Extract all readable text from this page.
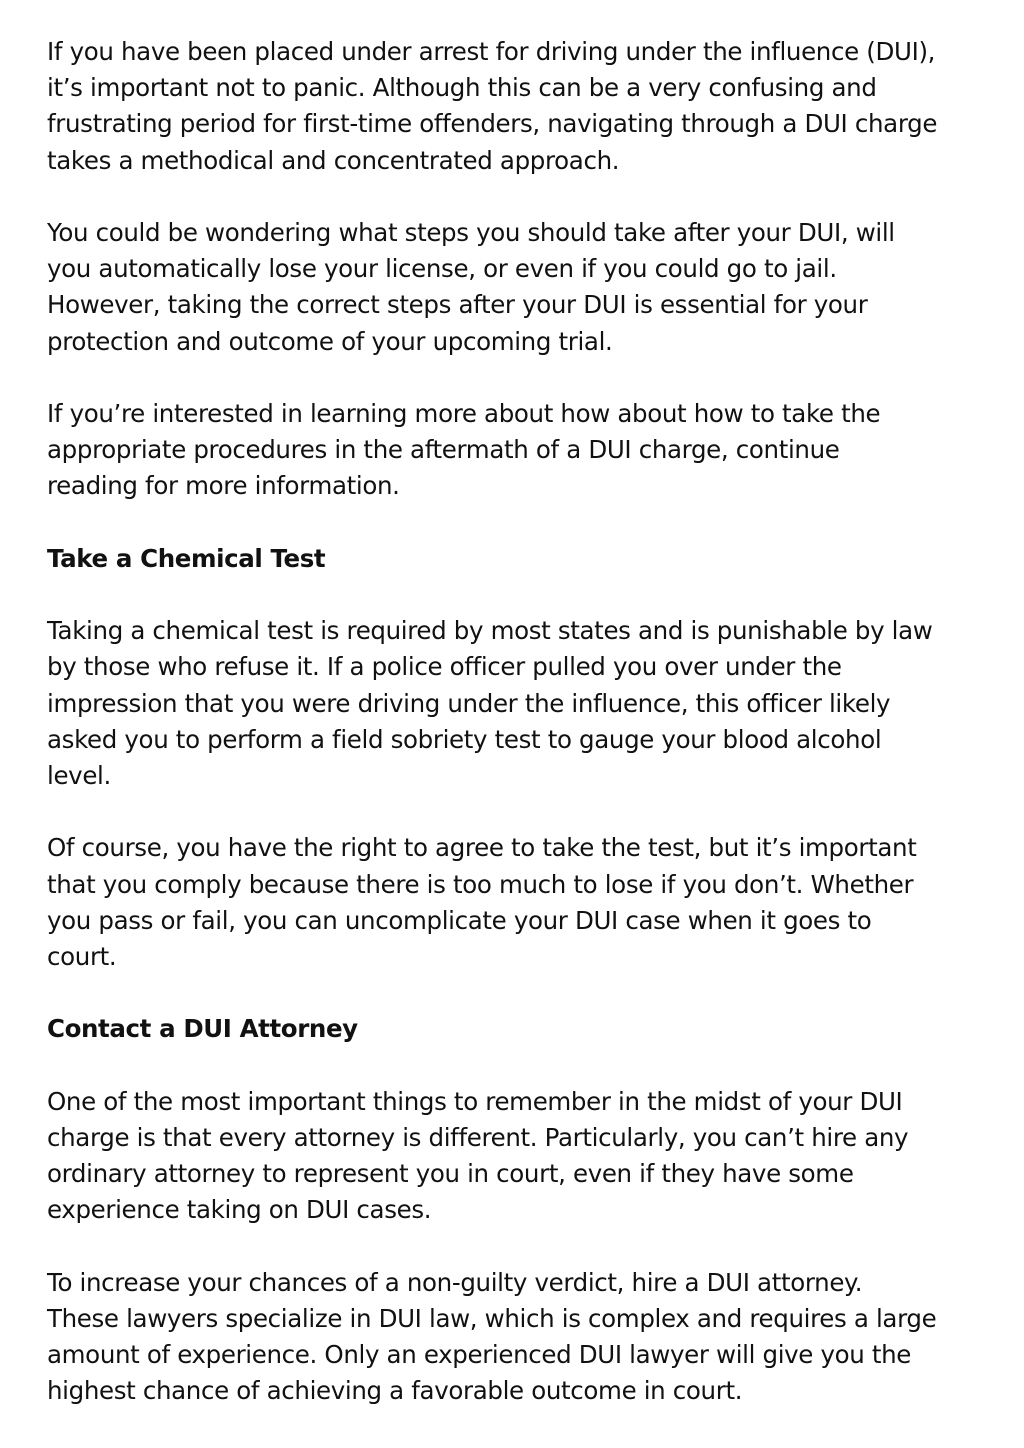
If you have been placed under arrest for driving under the influence (DUI),
it’s important not to panic. Although this can be a very confusing and
frustrating period for first-time offenders, navigating through a DUI charge
takes a methodical and concentrated approach.

You could be wondering what steps you should take after your DUI, will
you automatically lose your license, or even if you could go to jail.
However, taking the correct steps after your DUI is essential for your
protection and outcome of your upcoming trial.

If you’re interested in learning more about how about how to take the
appropriate procedures in the aftermath of a DUI charge, continue
reading for more information.

Take a Chemical Test

Taking a chemical test is required by most states and is punishable by law
by those who refuse it. If a police officer pulled you over under the
impression that you were driving under the influence, this officer likely
asked you to perform a field sobriety test to gauge your blood alcohol
level.

Of course, you have the right to agree to take the test, but it’s important
that you comply because there is too much to lose if you don’t. Whether
you pass or fail, you can uncomplicate your DUI case when it goes to
court.

Contact a DUI Attorney

One of the most important things to remember in the midst of your DUI
charge is that every attorney is different. Particularly, you can’t hire any
ordinary attorney to represent you in court, even if they have some
experience taking on DUI cases.

To increase your chances of a non-guilty verdict, hire a DUI attorney.
These lawyers specialize in DUI law, which is complex and requires a large
amount of experience. Only an experienced DUI lawyer will give you the
highest chance of achieving a favorable outcome in court.
